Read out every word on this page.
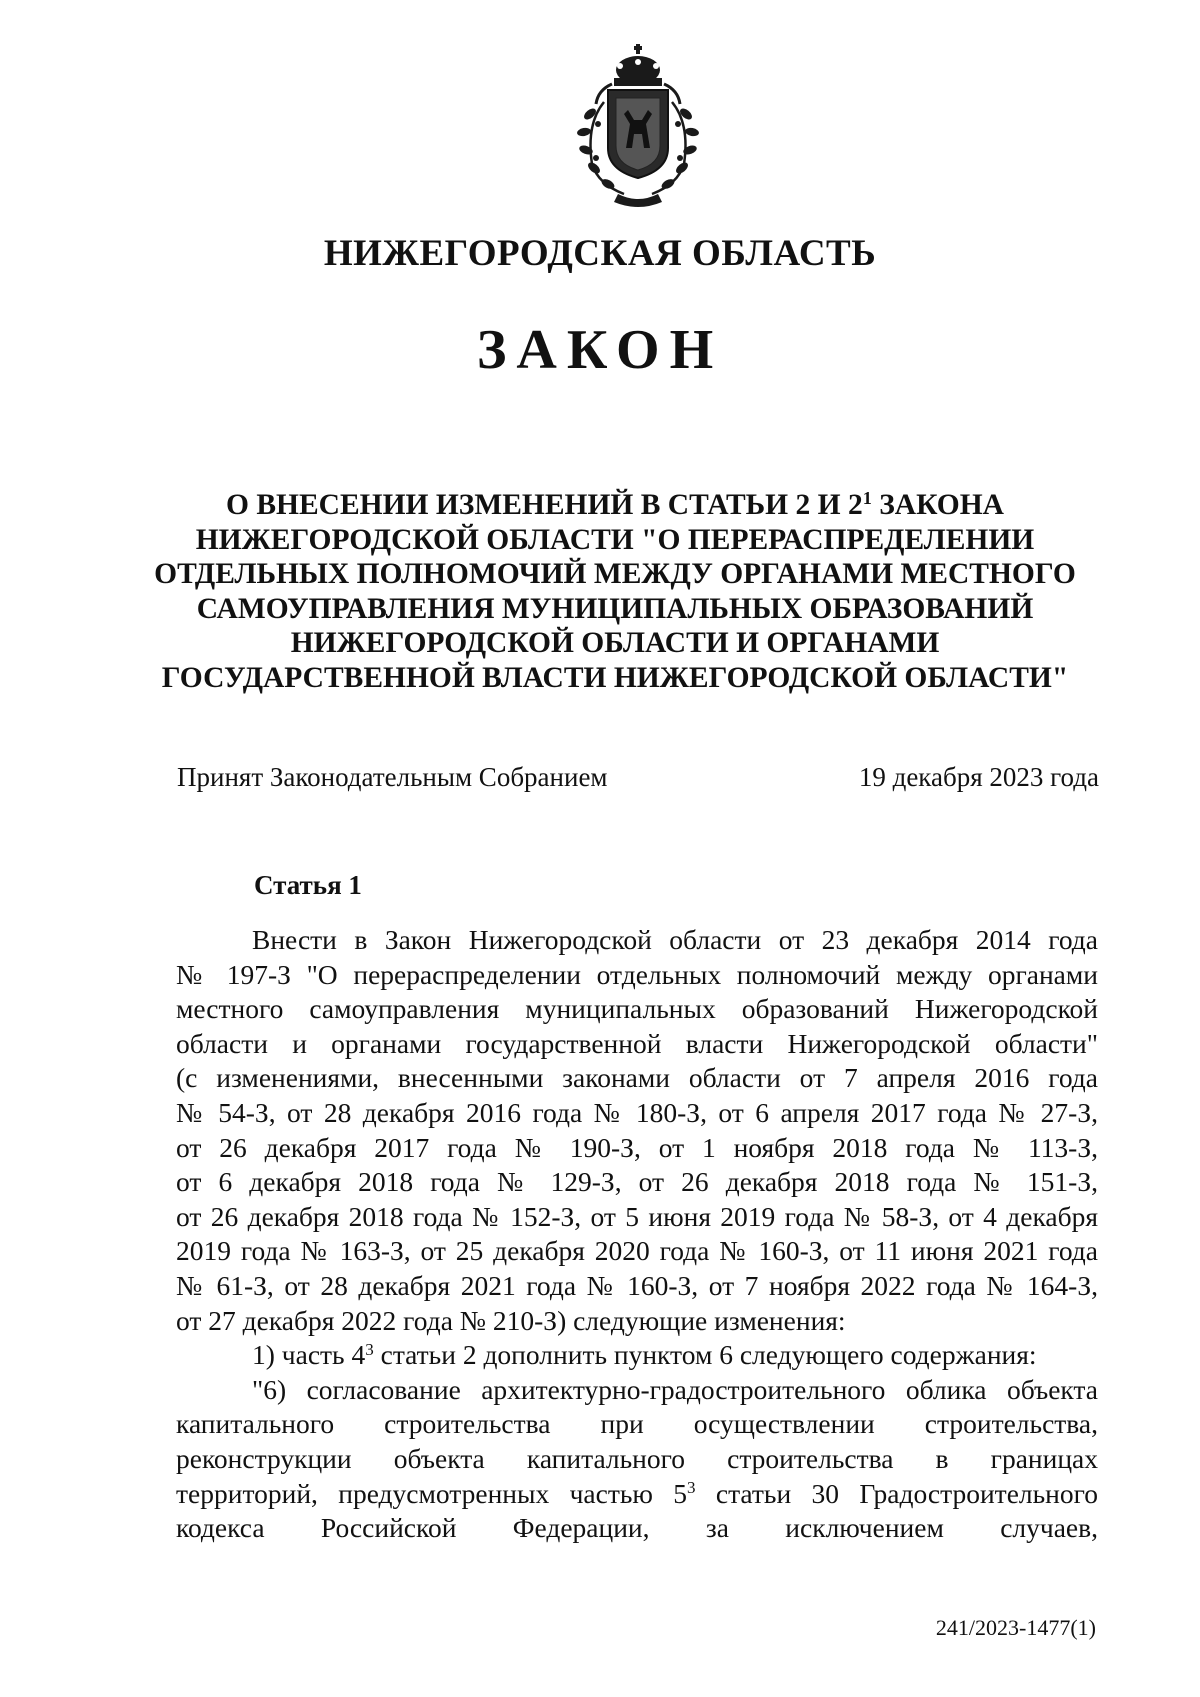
НИЖЕГОРОДСКАЯ ОБЛАСТЬ
ЗАКОН
О ВНЕСЕНИИ ИЗМЕНЕНИЙ В СТАТЬИ 2 И $2^1$ ЗАКОНА
НИЖЕГОРОДСКОЙ ОБЛАСТИ "О ПЕРЕРАСПРЕДЕЛЕНИИ
ОТДЕЛЬНЫХ ПОЛНОМОЧИЙ МЕЖДУ ОРГАНАМИ МЕСТНОГО
САМОУПРАВЛЕНИЯ МУНИЦИПАЛЬНЫХ ОБРАЗОВАНИЙ
НИЖЕГОРОДСКОЙ ОБЛАСТИ И ОРГАНАМИ
ГОСУДАРСТВЕННОЙ ВЛАСТИ НИЖЕГОРОДСКОЙ ОБЛАСТИ"
Принят Законодательным Собранием	19 декабря 2023 года
Статья 1
Внести в Закон Нижегородской области от 23 декабря 2014 года
№ 197-З "О перераспределении отдельных полномочий между органами
местного самоуправления муниципальных образований Нижегородской
области и органами государственной власти Нижегородской области"
(с изменениями, внесенными законами области от 7 апреля 2016 года
№ 54-З, от 28 декабря 2016 года № 180-З, от 6 апреля 2017 года № 27-З,
от 26 декабря 2017 года № 190-З, от 1 ноября 2018 года № 113-З,
от 6 декабря 2018 года № 129-З, от 26 декабря 2018 года № 151-З,
от 26 декабря 2018 года № 152-З, от 5 июня 2019 года № 58-З, от 4 декабря
2019 года № 163-З, от 25 декабря 2020 года № 160-З, от 11 июня 2021 года
№ 61-З, от 28 декабря 2021 года № 160-З, от 7 ноября 2022 года № 164-З,
от 27 декабря 2022 года № 210-З) следующие изменения:
1) часть $4^3$ статьи 2 дополнить пунктом 6 следующего содержания:
"6) согласование архитектурно-градостроительного облика объекта
капитального строительства при осуществлении строительства,
реконструкции объекта капитального строительства в границах
территорий, предусмотренных частью $5^3$ статьи 30 Градостроительного
кодекса Российской Федерации, за исключением случаев,
241/2023-1477(1)
